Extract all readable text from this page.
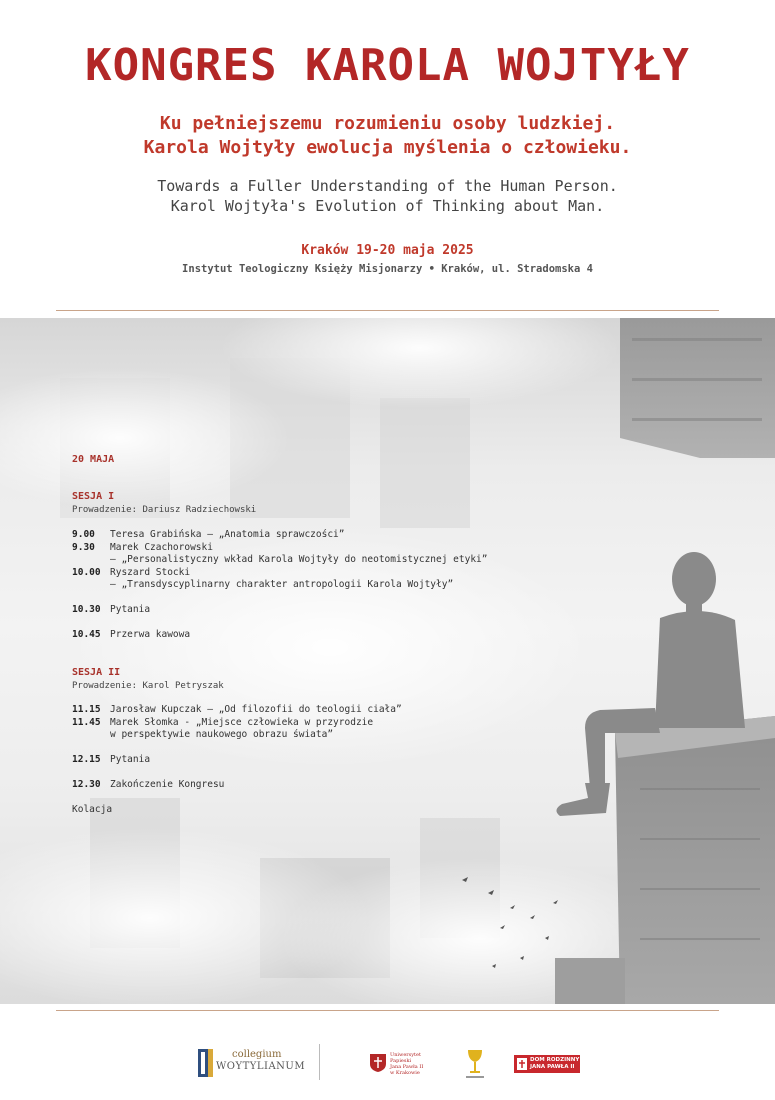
KONGRES KAROLA WOJTYŁY
Ku pełniejszemu rozumieniu osoby ludzkiej.
Karola Wojtyły ewolucja myślenia o człowieku.
Towards a Fuller Understanding of the Human Person.
Karol Wojtyła's Evolution of Thinking about Man.
Kraków 19-20 maja 2025
Instytut Teologiczny Księży Misjonarzy • Kraków, ul. Stradomska 4
20 MAJA
SESJA I
Prowadzenie: Dariusz Radziechowski
9.00 Teresa Grabińska – „Anatomia sprawczości”
9.30 Marek Czachorowski
– „Personalistyczny wkład Karola Wojtyły do neotomistycznej etyki”
10.00 Ryszard Stocki
– „Transdyscyplinarny charakter antropologii Karola Wojtyły”
10.30 Pytania
10.45 Przerwa kawowa
SESJA II
Prowadzenie: Karol Petryszak
11.15 Jarosław Kupczak – „Od filozofii do teologii ciała”
11.45 Marek Słomka - „Miejsce człowieka w przyrodzie
w perspektywie naukowego obrazu świata”
12.15 Pytania
12.30 Zakończenie Kongresu
Kolacja
collegium
WOYTYLIANUM
Uniwersytet Papieski
Jana Pawła II
w Krakowie
DOM RODZINNY
JANA PAWŁA II
